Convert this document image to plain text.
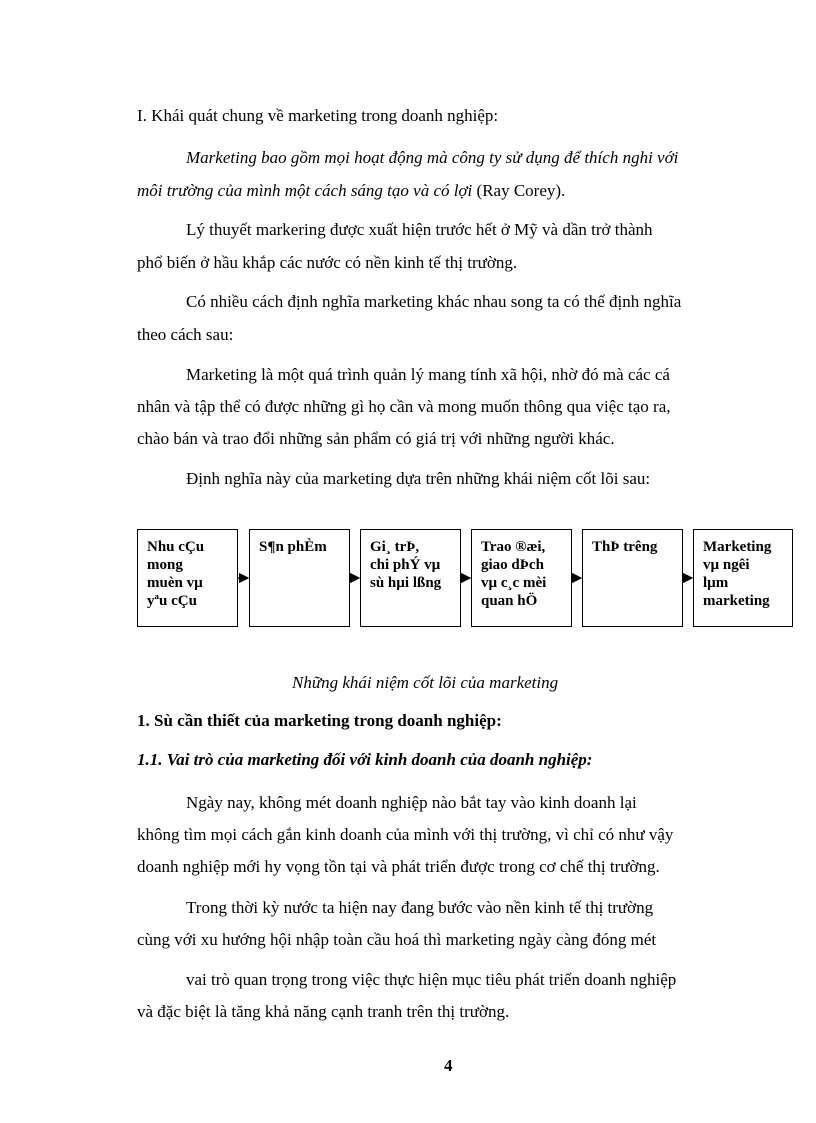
I. Khái quát chung về marketing trong doanh nghiệp:
Marketing bao gồm mọi hoạt động mà công ty sử dụng để thích nghi với
môi trường của mình một cách sáng tạo và có lợi (Ray Corey).
Lý thuyết markering được xuất hiện trước hết ở Mỹ và dần trở thành
phổ biến ở hầu khắp các nước có nền kinh tế thị trường.
Có nhiều cách định nghĩa marketing khác nhau song ta có thể định nghĩa
theo cách sau:
Marketing là một quá trình quản lý mang tính xã hội, nhờ đó mà các cá
nhân và tập thể có được những gì họ cần và mong muốn thông qua việc tạo ra,
chào bán và trao đổi những sản phẩm có giá trị với những người khác.
Định nghĩa này của marketing dựa trên những khái niệm cốt lõi sau:
Nhu cÇu
mong
muèn vµ
yªu cÇu
S¶n phÈm	Gi¸ trÞ,
chi phÝ vµ
sù hµi lßng
Trao ®æi,
giao dÞch
vµ c¸c mèi
quan hÖ
ThÞ trêng	Marketing
vµ ngêi
lµm
marketing
Những khái niệm cốt lõi của marketing
1. Sù cần thiết của marketing trong doanh nghiệp:
1.1. Vai trò của marketing đối với kinh doanh của doanh nghiệp:
Ngày nay, không mét doanh nghiệp nào bắt tay vào kinh doanh lại
không tìm mọi cách gắn kinh doanh của mình với thị trường, vì chỉ có như vậy
doanh nghiệp mới hy vọng tồn tại và phát triển được trong cơ chế thị trường.
Trong thời kỳ nước ta hiện nay đang bước vào nền kinh tế thị trường
cùng với xu hướng hội nhập toàn cầu hoá thì marketing ngày càng đóng mét
vai trò quan trọng trong việc thực hiện mục tiêu phát triển doanh nghiệp
và đặc biệt là tăng khả năng cạnh tranh trên thị trường.
4
